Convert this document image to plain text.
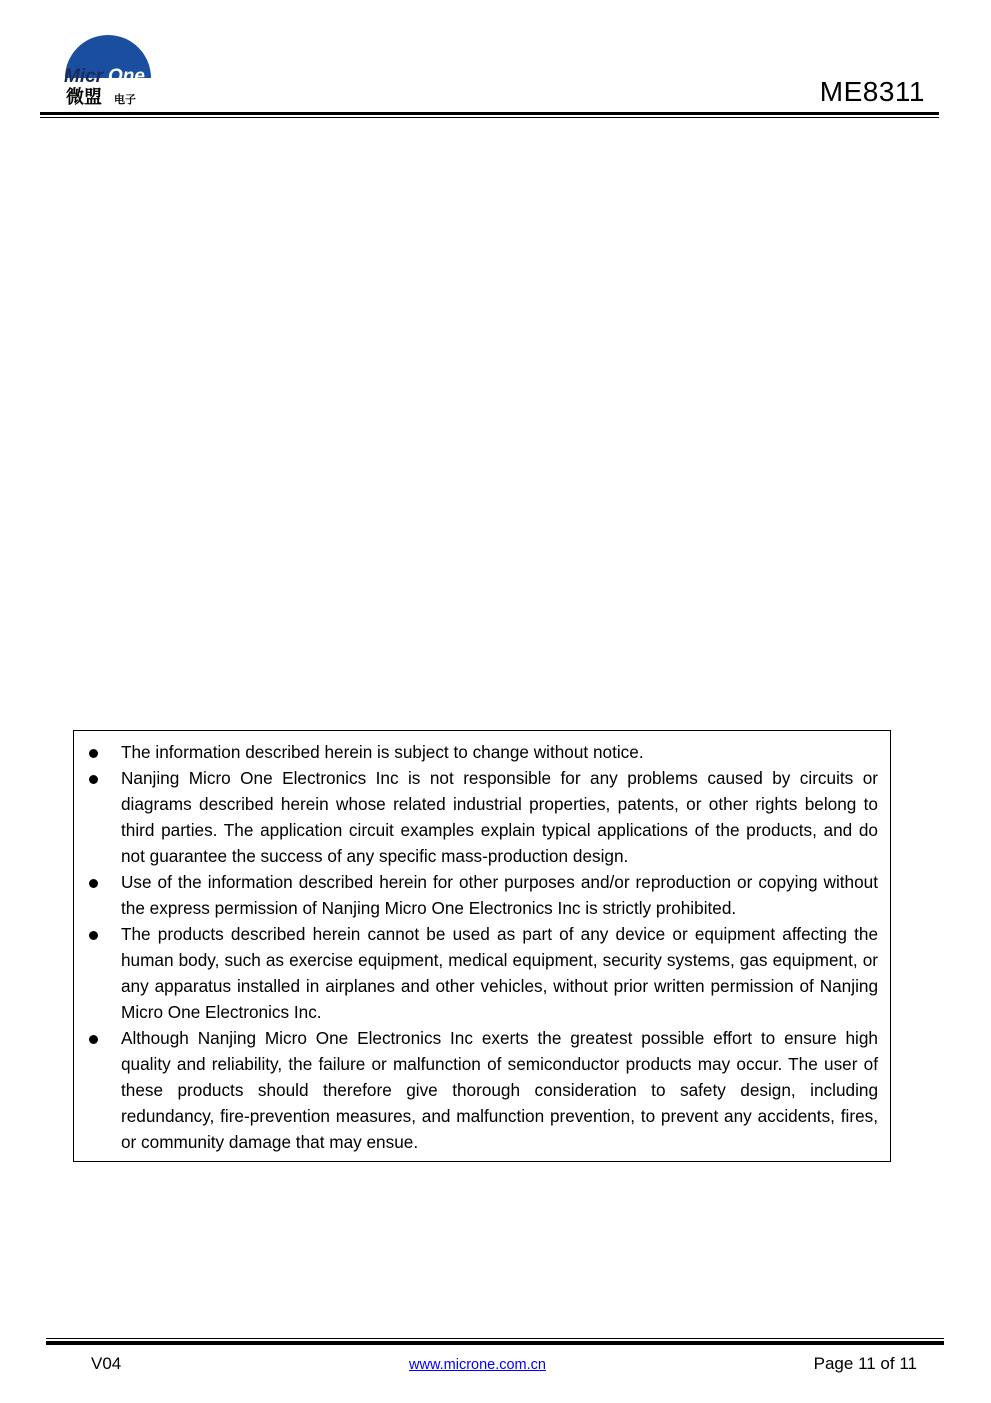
Micr One
微盟 电子	ME8311
The information described herein is subject to change without notice.
Nanjing Micro One Electronics Inc is not responsible for any problems caused by circuits or diagrams described herein whose related industrial properties, patents, or other rights belong to third parties. The application circuit examples explain typical applications of the products, and do not guarantee the success of any specific mass-production design.
Use of the information described herein for other purposes and/or reproduction or copying without the express permission of Nanjing Micro One Electronics Inc is strictly prohibited.
The products described herein cannot be used as part of any device or equipment affecting the human body, such as exercise equipment, medical equipment, security systems, gas equipment, or any apparatus installed in airplanes and other vehicles, without prior written permission of Nanjing Micro One Electronics Inc.
Although Nanjing Micro One Electronics Inc exerts the greatest possible effort to ensure high quality and reliability, the failure or malfunction of semiconductor products may occur. The user of these products should therefore give thorough consideration to safety design, including redundancy, fire-prevention measures, and malfunction prevention, to prevent any accidents, fires, or community damage that may ensue.
V04	www.microne.com.cn	Page 11 of 11
